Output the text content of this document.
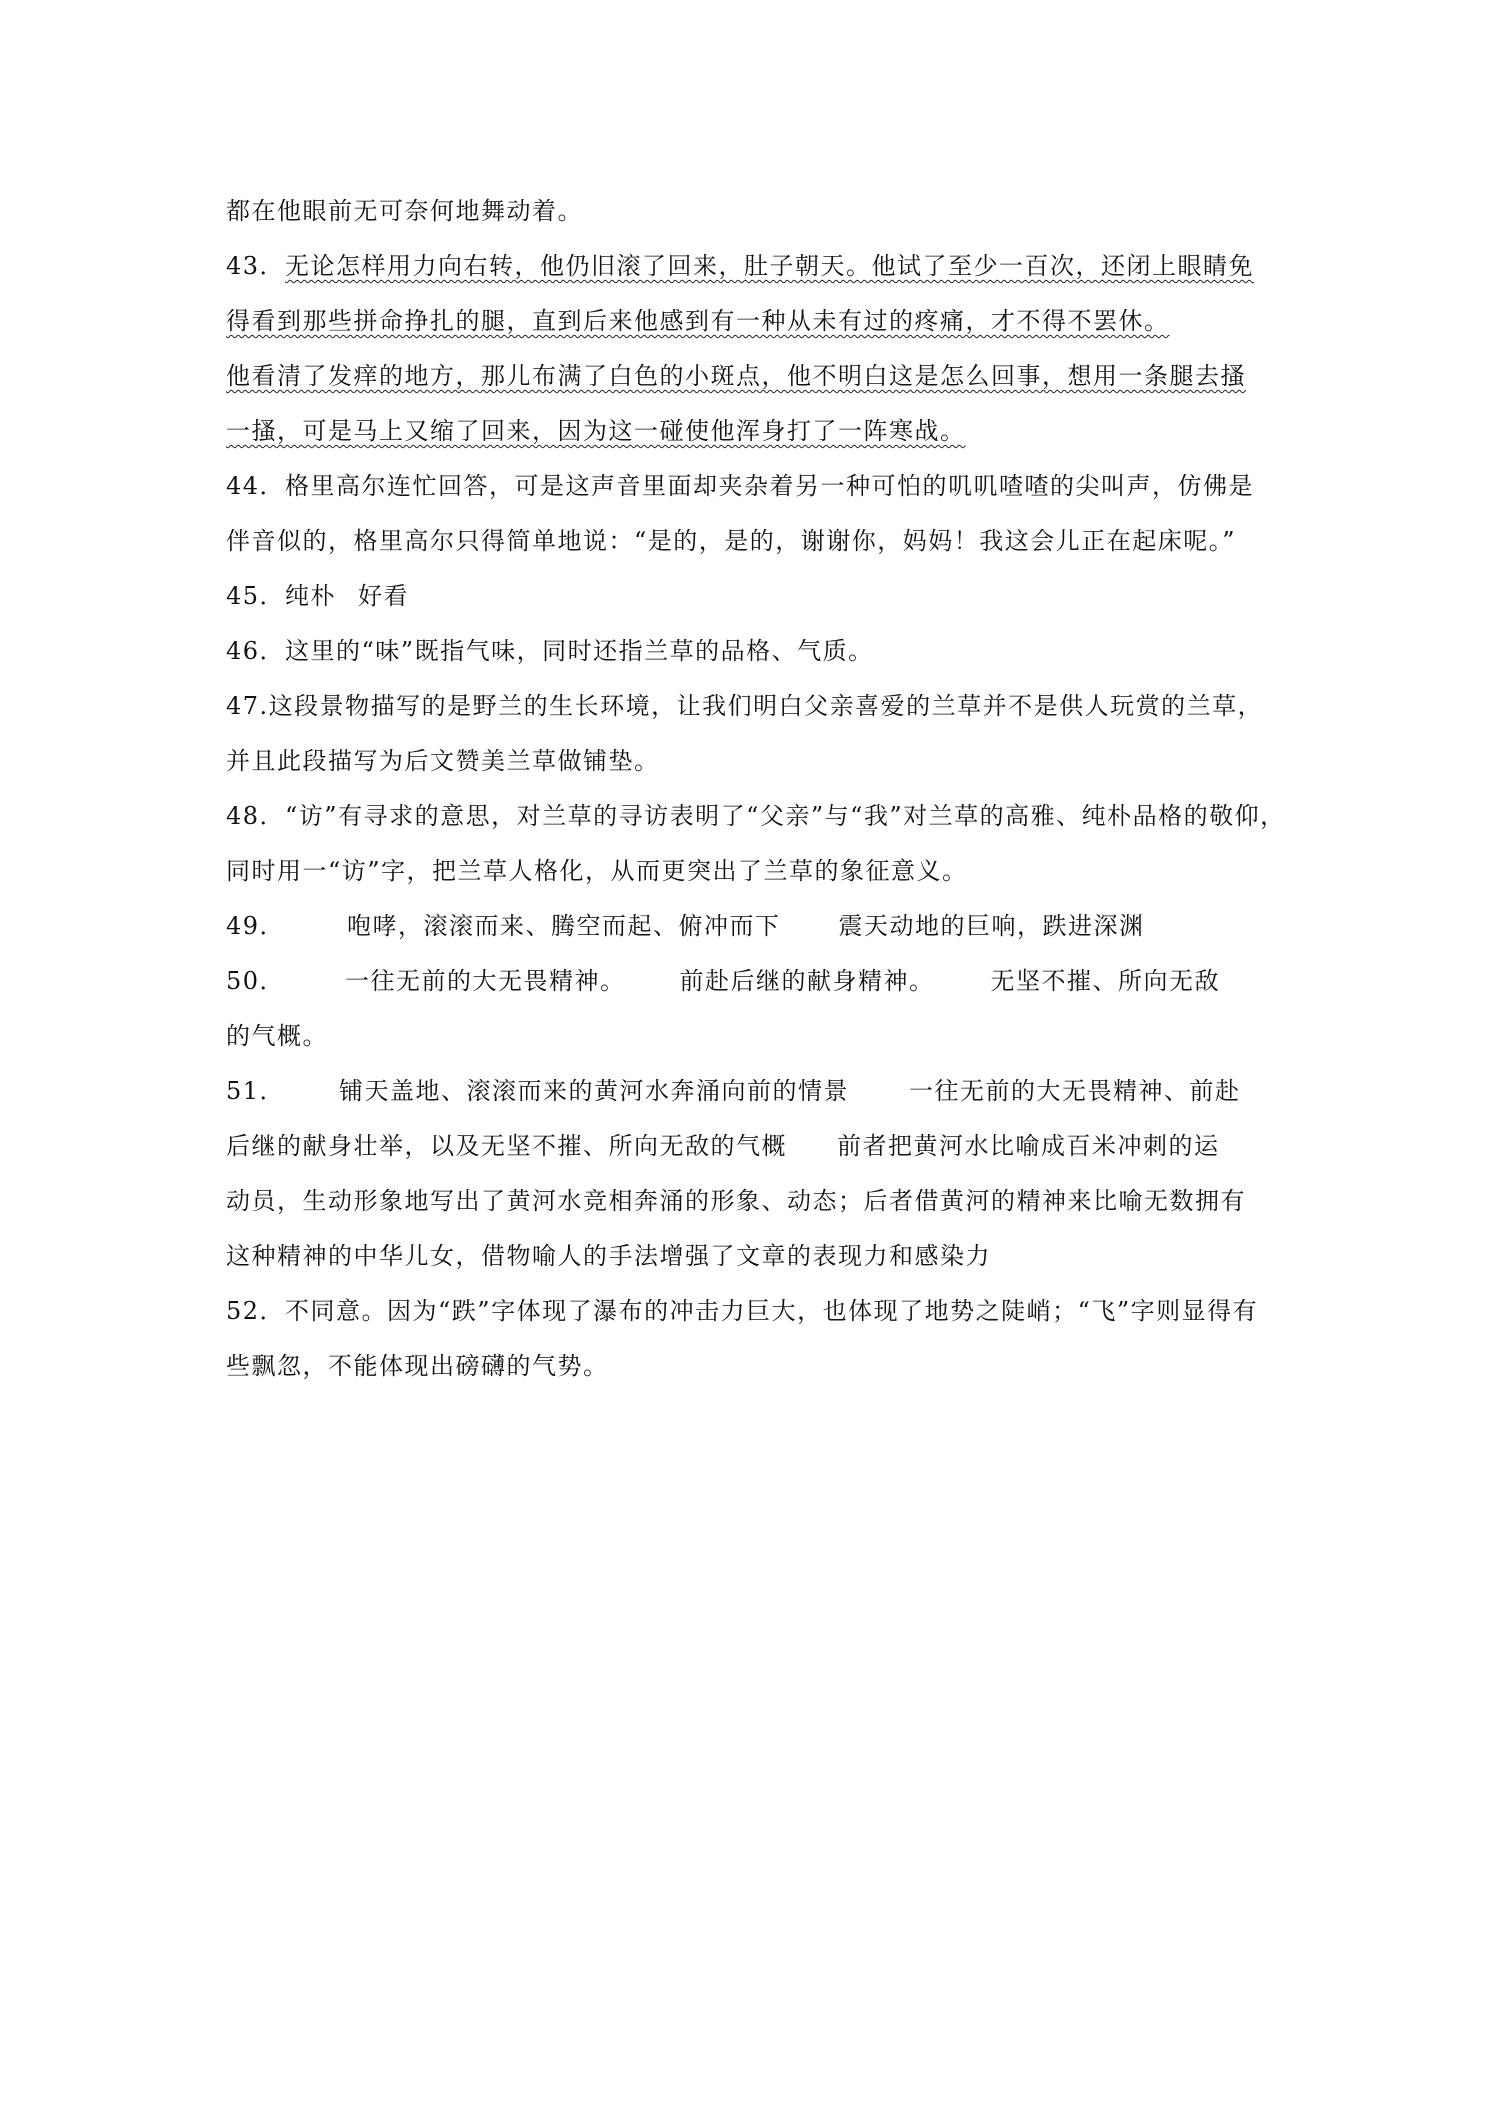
都在他眼前无可奈何地舞动着。
43．无论怎样用力向右转，他仍旧滚了回来，肚子朝天。他试了至少一百次，还闭上眼睛免
得看到那些拼命挣扎的腿，直到后来他感到有一种从未有过的疼痛，才不得不罢休。
他看清了发痒的地方，那儿布满了白色的小斑点，他不明白这是怎么回事，想用一条腿去搔
一搔，可是马上又缩了回来，因为这一碰使他浑身打了一阵寒战。
44．格里高尔连忙回答，可是这声音里面却夹杂着另一种可怕的叽叽喳喳的尖叫声，仿佛是
伴音似的，格里高尔只得简单地说：“是的，是的，谢谢你，妈妈！我这会儿正在起床呢。”
45．纯朴 好看
46．这里的“味”既指气味，同时还指兰草的品格、气质。
47.这段景物描写的是野兰的生长环境，让我们明白父亲喜爱的兰草并不是供人玩赏的兰草，
并且此段描写为后文赞美兰草做铺垫。
48．“访”有寻求的意思，对兰草的寻访表明了“父亲”与“我”对兰草的高雅、纯朴品格的敬仰，
同时用一“访”字，把兰草人格化，从而更突出了兰草的象征意义。
49．	咆哮，滚滚而来、腾空而起、俯冲而下 震天动地的巨响，跌进深渊
50．	一往无前的大无畏精神。 前赴后继的献身精神。 无坚不摧、所向无敌
的气概。
51． 铺天盖地、滚滚而来的黄河水奔涌向前的情景	一往无前的大无畏精神、前赴
后继的献身壮举，以及无坚不摧、所向无敌的气概 前者把黄河水比喻成百米冲刺的运
动员，生动形象地写出了黄河水竞相奔涌的形象、动态；后者借黄河的精神来比喻无数拥有
这种精神的中华儿女，借物喻人的手法增强了文章的表现力和感染力
52．不同意。因为“跌”字体现了瀑布的冲击力巨大，也体现了地势之陡峭；“飞”字则显得有
些飘忽，不能体现出磅礴的气势。
